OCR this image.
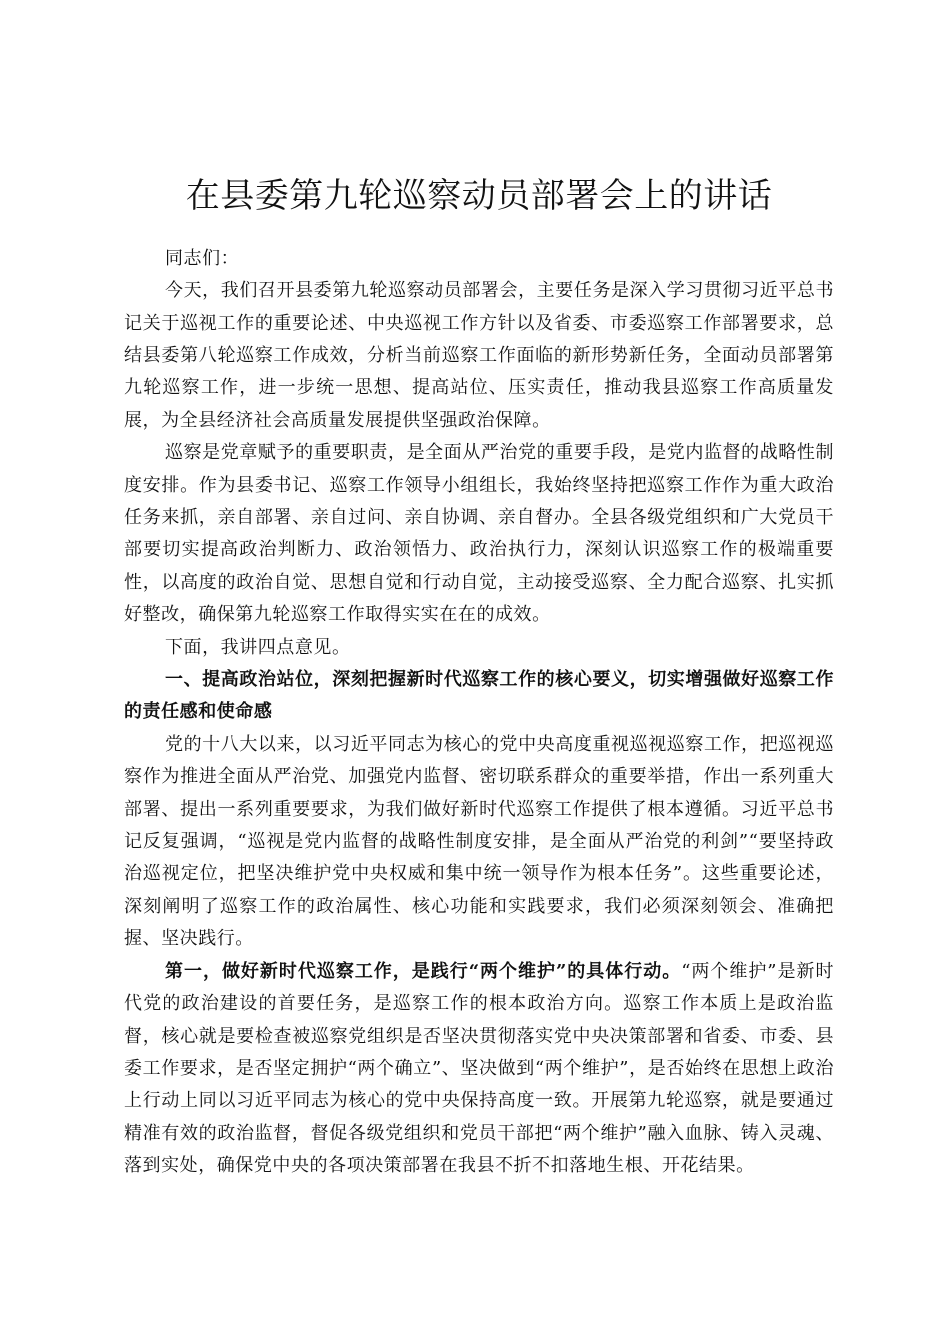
在县委第九轮巡察动员部署会上的讲话

同志们：

今天，我们召开县委第九轮巡察动员部署会，主要任务是深入学习贯彻习近平总书记关于巡视工作的重要论述、中央巡视工作方针以及省委、市委巡察工作部署要求，总结县委第八轮巡察工作成效，分析当前巡察工作面临的新形势新任务，全面动员部署第九轮巡察工作，进一步统一思想、提高站位、压实责任，推动我县巡察工作高质量发展，为全县经济社会高质量发展提供坚强政治保障。

巡察是党章赋予的重要职责，是全面从严治党的重要手段，是党内监督的战略性制度安排。作为县委书记、巡察工作领导小组组长，我始终坚持把巡察工作作为重大政治任务来抓，亲自部署、亲自过问、亲自协调、亲自督办。全县各级党组织和广大党员干部要切实提高政治判断力、政治领悟力、政治执行力，深刻认识巡察工作的极端重要性，以高度的政治自觉、思想自觉和行动自觉，主动接受巡察、全力配合巡察、扎实抓好整改，确保第九轮巡察工作取得实实在在的成效。

下面，我讲四点意见。

一、提高政治站位，深刻把握新时代巡察工作的核心要义，切实增强做好巡察工作的责任感和使命感

党的十八大以来，以习近平同志为核心的党中央高度重视巡视巡察工作，把巡视巡察作为推进全面从严治党、加强党内监督、密切联系群众的重要举措，作出一系列重大部署、提出一系列重要要求，为我们做好新时代巡察工作提供了根本遵循。习近平总书记反复强调，“巡视是党内监督的战略性制度安排，是全面从严治党的利剑”“要坚持政治巡视定位，把坚决维护党中央权威和集中统一领导作为根本任务”。这些重要论述，深刻阐明了巡察工作的政治属性、核心功能和实践要求，我们必须深刻领会、准确把握、坚决践行。

第一，做好新时代巡察工作，是践行“两个维护”的具体行动。“两个维护”是新时代党的政治建设的首要任务，是巡察工作的根本政治方向。巡察工作本质上是政治监督，核心就是要检查被巡察党组织是否坚决贯彻落实党中央决策部署和省委、市委、县委工作要求，是否坚定拥护“两个确立”、坚决做到“两个维护”，是否始终在思想上政治上行动上同以习近平同志为核心的党中央保持高度一致。开展第九轮巡察，就是要通过精准有效的政治监督，督促各级党组织和党员干部把“两个维护”融入血脉、铸入灵魂、落到实处，确保党中央的各项决策部署在我县不折不扣落地生根、开花结果。
